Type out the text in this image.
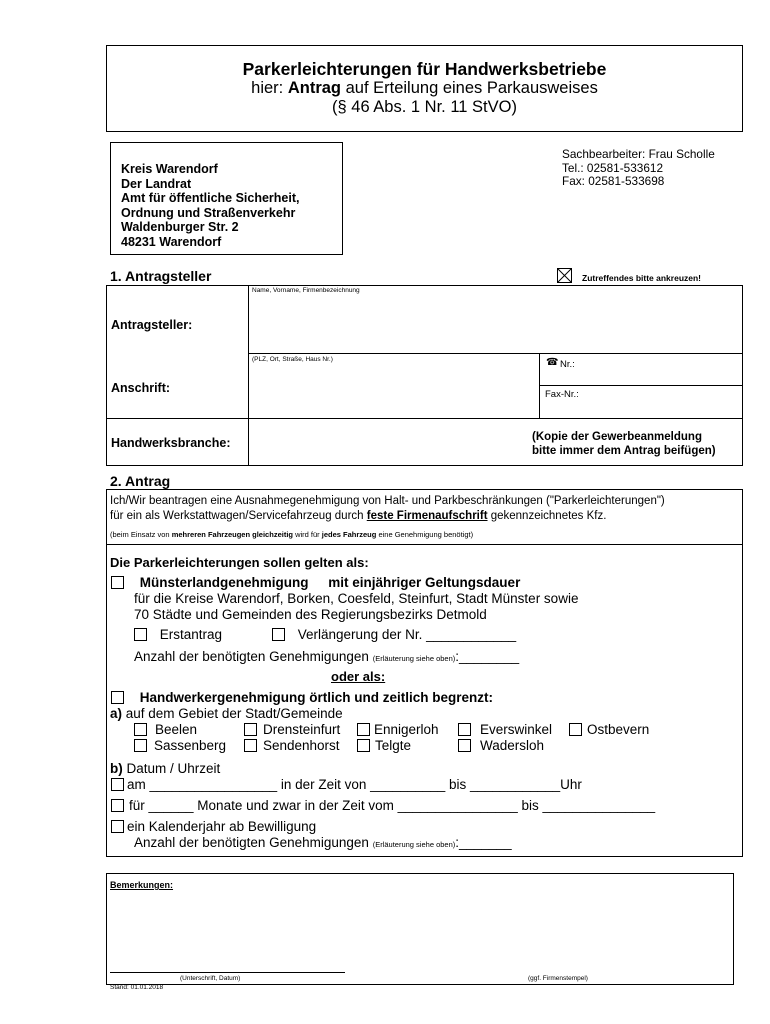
Parkerleichterungen für Handwerksbetriebe
hier: Antrag auf Erteilung eines Parkausweises
(§ 46 Abs. 1 Nr. 11 StVO)
Kreis Warendorf
Der Landrat
Amt für öffentliche Sicherheit,
Ordnung und Straßenverkehr
Waldenburger Str. 2
48231 Warendorf
Sachbearbeiter: Frau Scholle
Tel.: 02581-533612
Fax: 02581-533698
1. Antragsteller	Zutreffendes bitte ankreuzen!
Antragsteller:
Name, Vorname, Firmenbezeichnung
Anschrift:
(PLZ, Ort, Straße, Haus Nr.)	☎ Nr.:
Fax-Nr.:
Handwerksbranche:	(Kopie der Gewerbeanmeldung
bitte immer dem Antrag beifügen)
2. Antrag
Ich/Wir beantragen eine Ausnahmegenehmigung von Halt- und Parkbeschränkungen ("Parkerleichterungen")
für ein als Werkstattwagen/Servicefahrzeug durch feste Firmenaufschrift gekennzeichnetes Kfz.
(beim Einsatz von mehreren Fahrzeugen gleichzeitig wird für jedes Fahrzeug eine Genehmigung benötigt)
Die Parkerleichterungen sollen gelten als:
Münsterlandgenehmigung mit einjähriger Geltungsdauer
für die Kreise Warendorf, Borken, Coesfeld, Steinfurt, Stadt Münster sowie
70 Städte und Gemeinden des Regierungsbezirks Detmold
Erstantrag	Verlängerung der Nr. ____________
Anzahl der benötigten Genehmigungen (Erläuterung siehe oben):________
oder als:
Handwerkergenehmigung örtlich und zeitlich begrenzt:
a) auf dem Gebiet der Stadt/Gemeinde
Beelen	Drensteinfurt	Ennigerloh	Everswinkel	Ostbevern
Sassenberg	Sendenhorst	Telgte	Wadersloh
b) Datum / Uhrzeit
am _________________ in der Zeit von __________ bis ____________Uhr
für ______ Monate und zwar in der Zeit vom ________________ bis _______________
ein Kalenderjahr ab Bewilligung
Anzahl der benötigten Genehmigungen (Erläuterung siehe oben):_______
Bemerkungen:
(Unterschrift, Datum)	(ggf. Firmenstempel)
Stand: 01.01.2018
